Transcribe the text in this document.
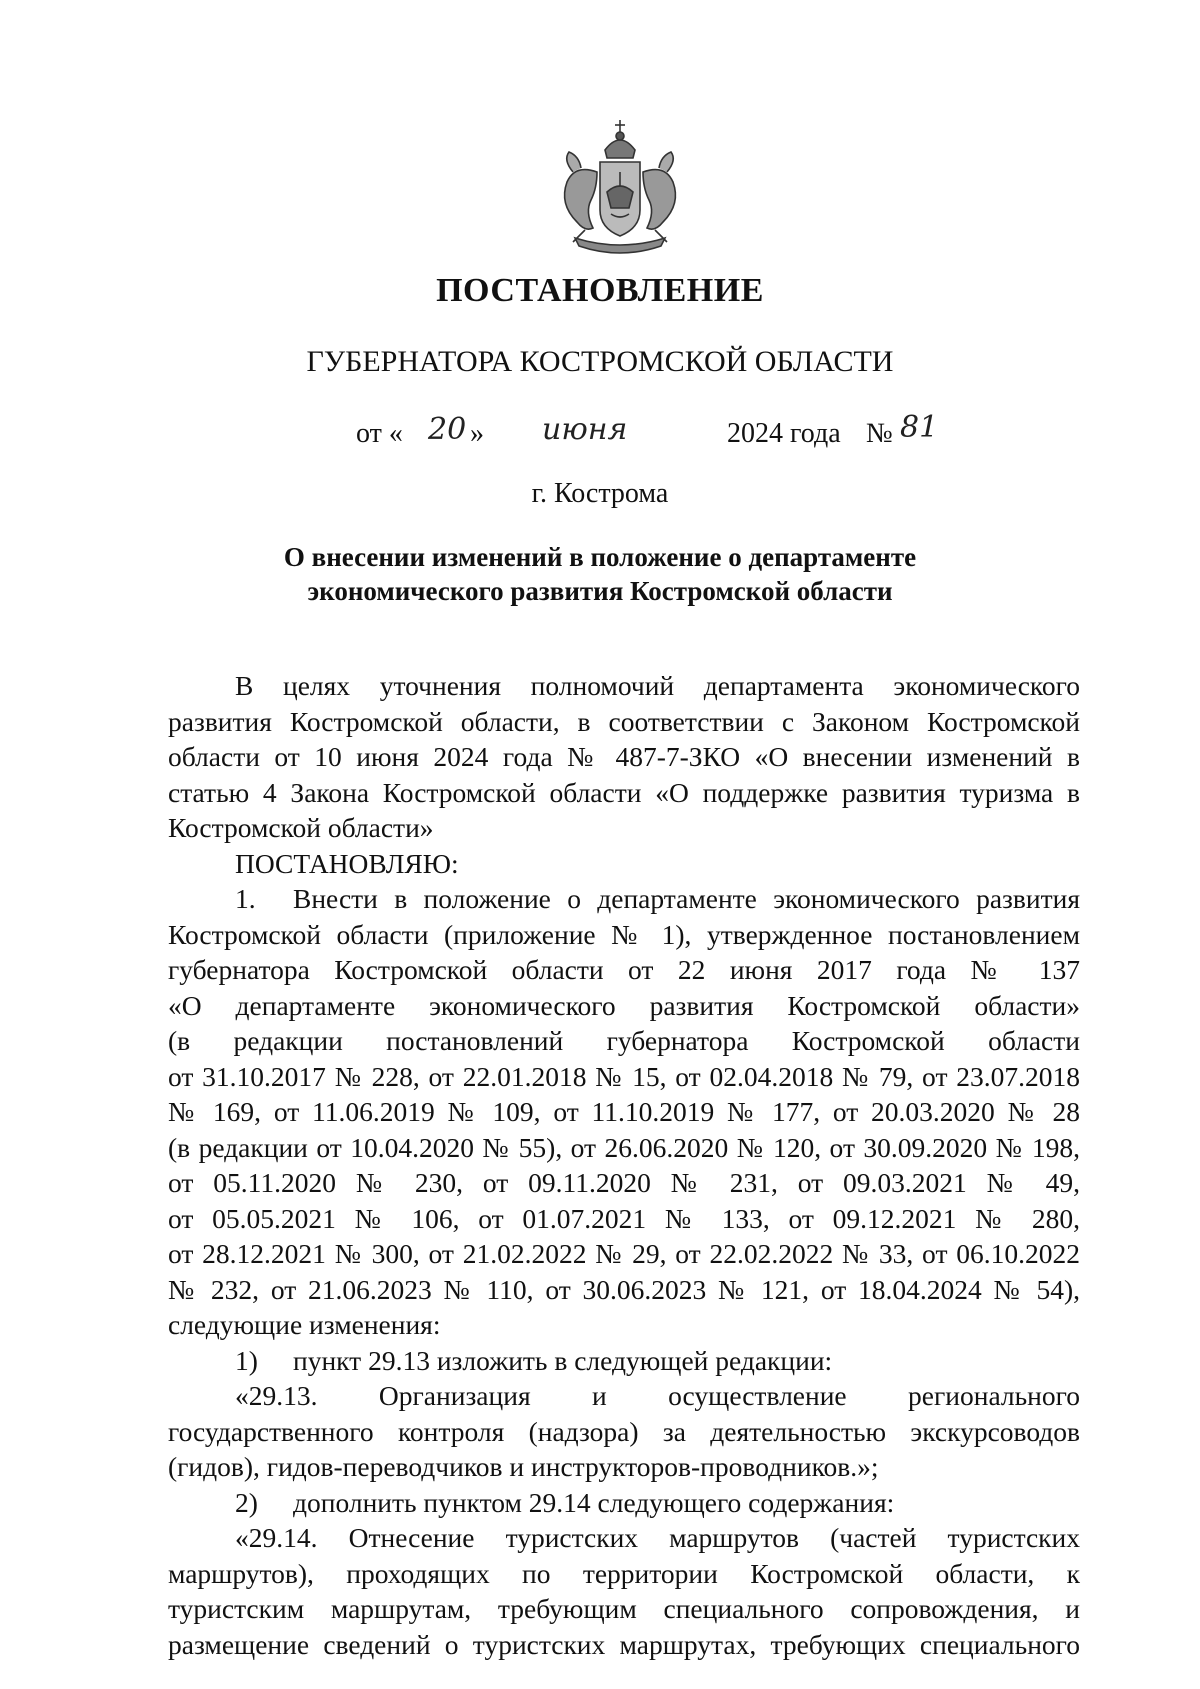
ПОСТАНОВЛЕНИЕ
ГУБЕРНАТОРА КОСТРОМСКОЙ ОБЛАСТИ
от « 20 » июня	2024 года № 81
г. Кострома
О внесении изменений в положение о департаменте
экономического развития Костромской области

В целях уточнения полномочий департамента экономического

развития Костромской области, в соответствии с Законом Костромской

области от 10 июня 2024 года № 487-7-ЗКО «О внесении изменений в

статью 4 Закона Костромской области «О поддержке развития туризма в

Костромской области»

ПОСТАНОВЛЯЮ:

1. Внести в положение о департаменте экономического развития

Костромской области (приложение № 1), утвержденное постановлением

губернатора Костромской области от 22 июня 2017 года № 137

«О департаменте экономического развития Костромской области»

(в редакции постановлений губернатора Костромской области

от 31.10.2017 № 228, от 22.01.2018 № 15, от 02.04.2018 № 79, от 23.07.2018

№ 169, от 11.06.2019 № 109, от 11.10.2019 № 177, от 20.03.2020 № 28

(в редакции от 10.04.2020 № 55), от 26.06.2020 № 120, от 30.09.2020 № 198,

от 05.11.2020 № 230, от 09.11.2020 № 231, от 09.03.2021 № 49,

от 05.05.2021 № 106, от 01.07.2021 № 133, от 09.12.2021 № 280,

от 28.12.2021 № 300, от 21.02.2022 № 29, от 22.02.2022 № 33, от 06.10.2022

№ 232, от 21.06.2023 № 110, от 30.06.2023 № 121, от 18.04.2024 № 54),

следующие изменения:

1) пункт 29.13 изложить в следующей редакции:

«29.13. Организация и осуществление регионального

государственного контроля (надзора) за деятельностью экскурсоводов

(гидов), гидов-переводчиков и инструкторов-проводников.»;

2) дополнить пунктом 29.14 следующего содержания:

«29.14. Отнесение туристских маршрутов (частей туристских

маршрутов), проходящих по территории Костромской области, к

туристским маршрутам, требующим специального сопровождения, и

размещение сведений о туристских маршрутах, требующих специального
